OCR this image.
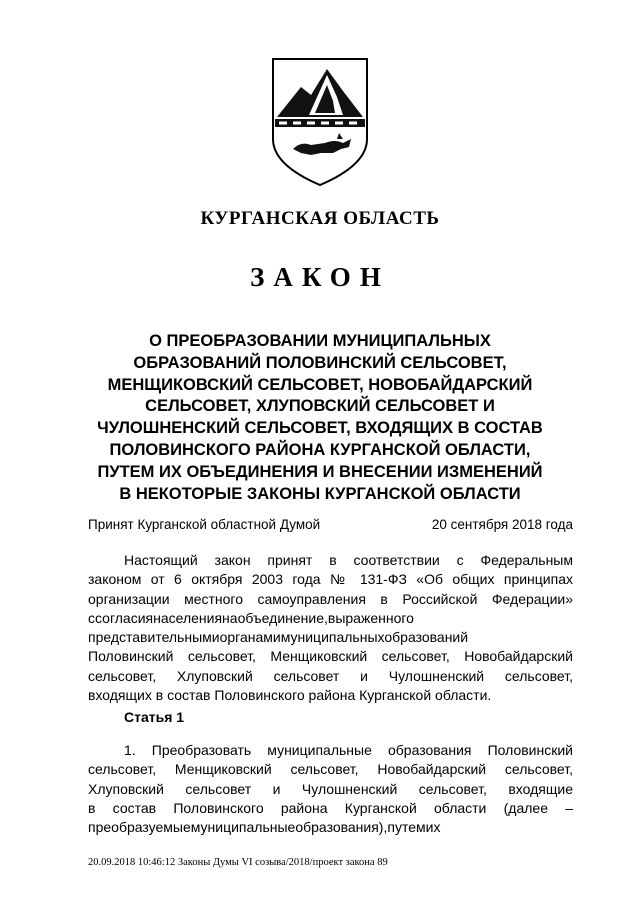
КУРГАНСКАЯ ОБЛАСТЬ
ЗАКОН
О ПРЕОБРАЗОВАНИИ МУНИЦИПАЛЬНЫХ
ОБРАЗОВАНИЙ ПОЛОВИНСКИЙ СЕЛЬСОВЕТ,
МЕНЩИКОВСКИЙ СЕЛЬСОВЕТ, НОВОБАЙДАРСКИЙ
СЕЛЬСОВЕТ, ХЛУПОВСКИЙ СЕЛЬСОВЕТ И
ЧУЛОШНЕНСКИЙ СЕЛЬСОВЕТ, ВХОДЯЩИХ В СОСТАВ
ПОЛОВИНСКОГО РАЙОНА КУРГАНСКОЙ ОБЛАСТИ,
ПУТЕМ ИХ ОБЪЕДИНЕНИЯ И ВНЕСЕНИИ ИЗМЕНЕНИЙ
В НЕКОТОРЫЕ ЗАКОНЫ КУРГАНСКОЙ ОБЛАСТИ
Принят Курганской областной Думой	20 сентября 2018 года
Настоящий закон принят в соответствии с Федеральным
законом от 6 октября 2003 года № 131-ФЗ «Об общих принципах
организации местного самоуправления в Российской Федерации»
ссогласиянаселениянаобъединение,выраженного
представительнымиорганамимуниципальныхобразований
Половинский сельсовет, Менщиковский сельсовет, Новобайдарский
сельсовет, Хлуповский сельсовет и Чулошненский сельсовет,
входящих в состав Половинского района Курганской области.
Статья 1
1. Преобразовать муниципальные образования Половинский
сельсовет, Менщиковский сельсовет, Новобайдарский сельсовет,
Хлуповский сельсовет и Чулошненский сельсовет, входящие
в состав Половинского района Курганской области (далее –
преобразуемыемуниципальныеобразования),путемих
20.09.2018 10:46:12 Законы Думы VI созыва/2018/проект закона 89
